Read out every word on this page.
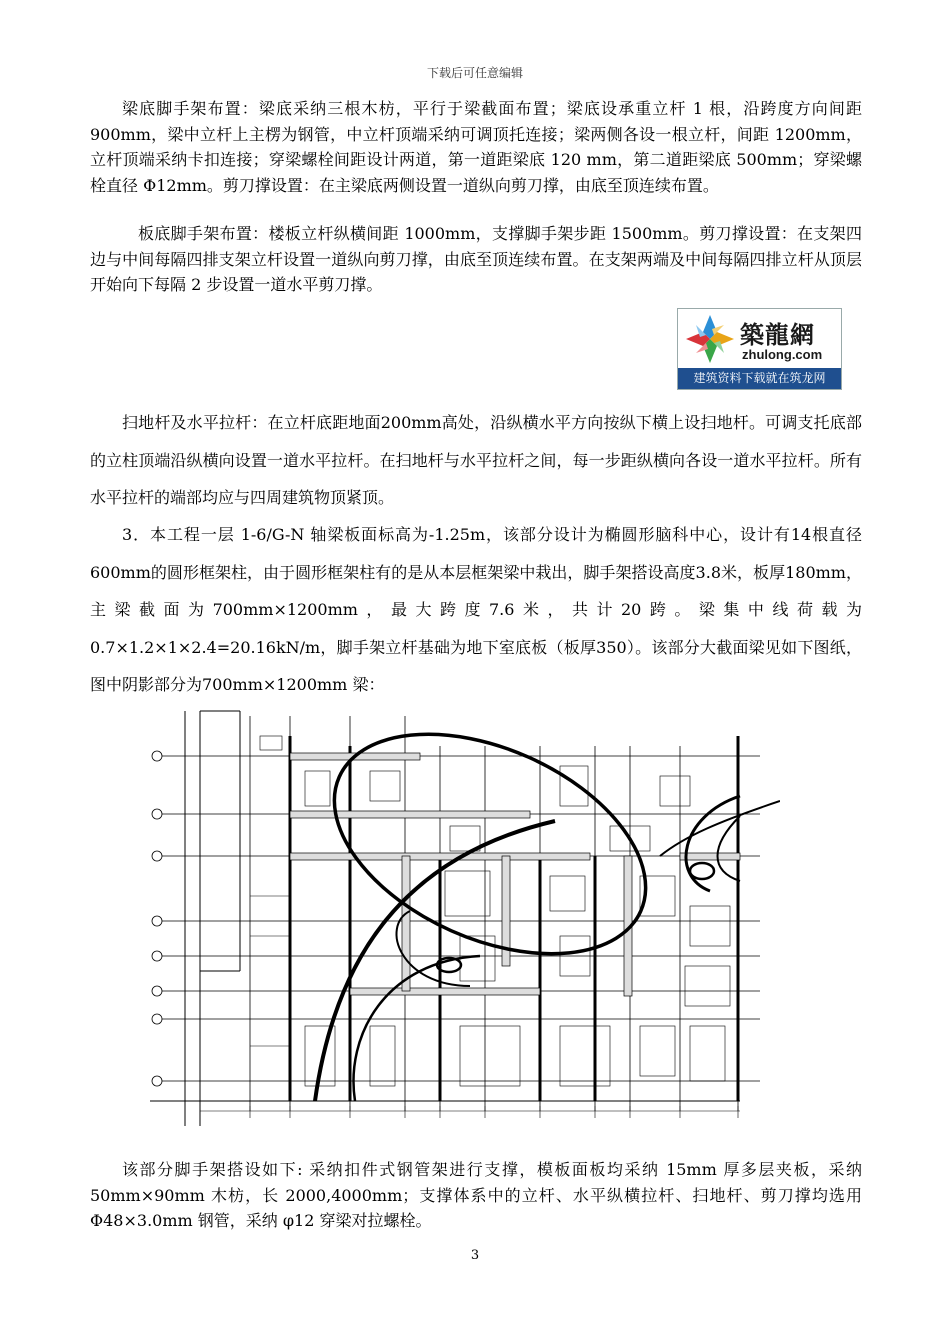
下载后可任意编辑

梁底脚手架布置：梁底采纳三根木枋，平行于梁截面布置；梁底设承重立杆 1 根，沿跨度方向间距 900mm，梁中立杆上主楞为钢管，中立杆顶端采纳可调顶托连接；梁两侧各设一根立杆，间距 1200mm，立杆顶端采纳卡扣连接；穿梁螺栓间距设计两道，第一道距梁底 120 mm，第二道距梁底 500mm；穿梁螺栓直径 Φ12mm。剪刀撑设置：在主梁底两侧设置一道纵向剪刀撑，由底至顶连续布置。

板底脚手架布置：楼板立杆纵横间距 1000mm，支撑脚手架步距 1500mm。剪刀撑设置：在支架四边与中间每隔四排支架立杆设置一道纵向剪刀撑，由底至顶连续布置。在支架两端及中间每隔四排立杆从顶层开始向下每隔 2 步设置一道水平剪刀撑。

築龍網
zhulong.com
建筑资料下载就在筑龙网

扫地杆及水平拉杆：在立杆底距地面200mm高处，沿纵横水平方向按纵下横上设扫地杆。可调支托底部的立柱顶端沿纵横向设置一道水平拉杆。在扫地杆与水平拉杆之间，每一步距纵横向各设一道水平拉杆。所有水平拉杆的端部均应与四周建筑物顶紧顶。

3．本工程一层 1-6/G-N 轴梁板面标高为-1.25m，该部分设计为椭圆形脑科中心，设计有14根直径600mm的圆形框架柱，由于圆形框架柱有的是从本层框架梁中栽出，脚手架搭设高度3.8米，板厚180mm，主梁截面为700mm×1200mm，最大跨度7.6米，共计20跨。梁集中线荷载为0.7×1.2×1×2.4=20.16kN/m，脚手架立杆基础为地下室底板（板厚350）。该部分大截面梁见如下图纸，图中阴影部分为700mm×1200mm 梁：

该部分脚手架搭设如下: 采纳扣件式钢管架进行支撑，模板面板均采纳 15mm 厚多层夹板，采纳 50mm×90mm 木枋，长 2000,4000mm；支撑体系中的立杆、水平纵横拉杆、扫地杆、剪刀撑均选用 Φ48×3.0mm 钢管，采纳 φ12 穿梁对拉螺栓。

3
